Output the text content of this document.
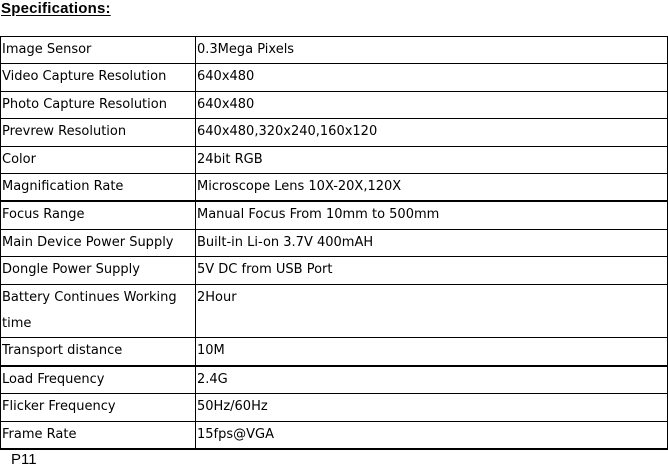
Specifications:
Image Sensor	0.3Mega Pixels
Video Capture Resolution	640x480
Photo Capture Resolution	640x480
Prevrew Resolution	640x480,320x240,160x120
Color	24bit RGB
Magnification Rate	Microscope Lens 10X-20X,120X
Focus Range	Manual Focus From 10mm to 500mm
Main Device Power Supply	Built-in Li-on 3.7V 400mAH
Dongle Power Supply	5V DC from USB Port
Battery Continues Working time	2Hour
Transport distance	10M
Load Frequency	2.4G
Flicker Frequency	50Hz/60Hz
Frame Rate	15fps@VGA
P11
